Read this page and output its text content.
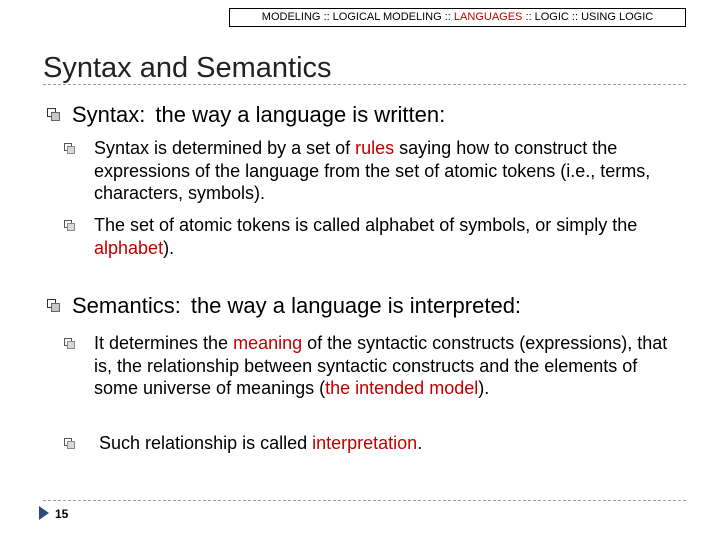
MODELING :: LOGICAL MODELING :: LANGUAGES :: LOGIC :: USING LOGIC
Syntax and Semantics
Syntax: the way a language is written:
Syntax is determined by a set of rules saying how to construct the expressions of the language from the set of atomic tokens (i.e., terms, characters, symbols).
The set of atomic tokens is called alphabet of symbols, or simply the alphabet).
Semantics: the way a language is interpreted:
It determines the meaning of the syntactic constructs (expressions), that is, the relationship between syntactic constructs and the elements of some universe of meanings (the intended model).
Such relationship is called interpretation.
15
